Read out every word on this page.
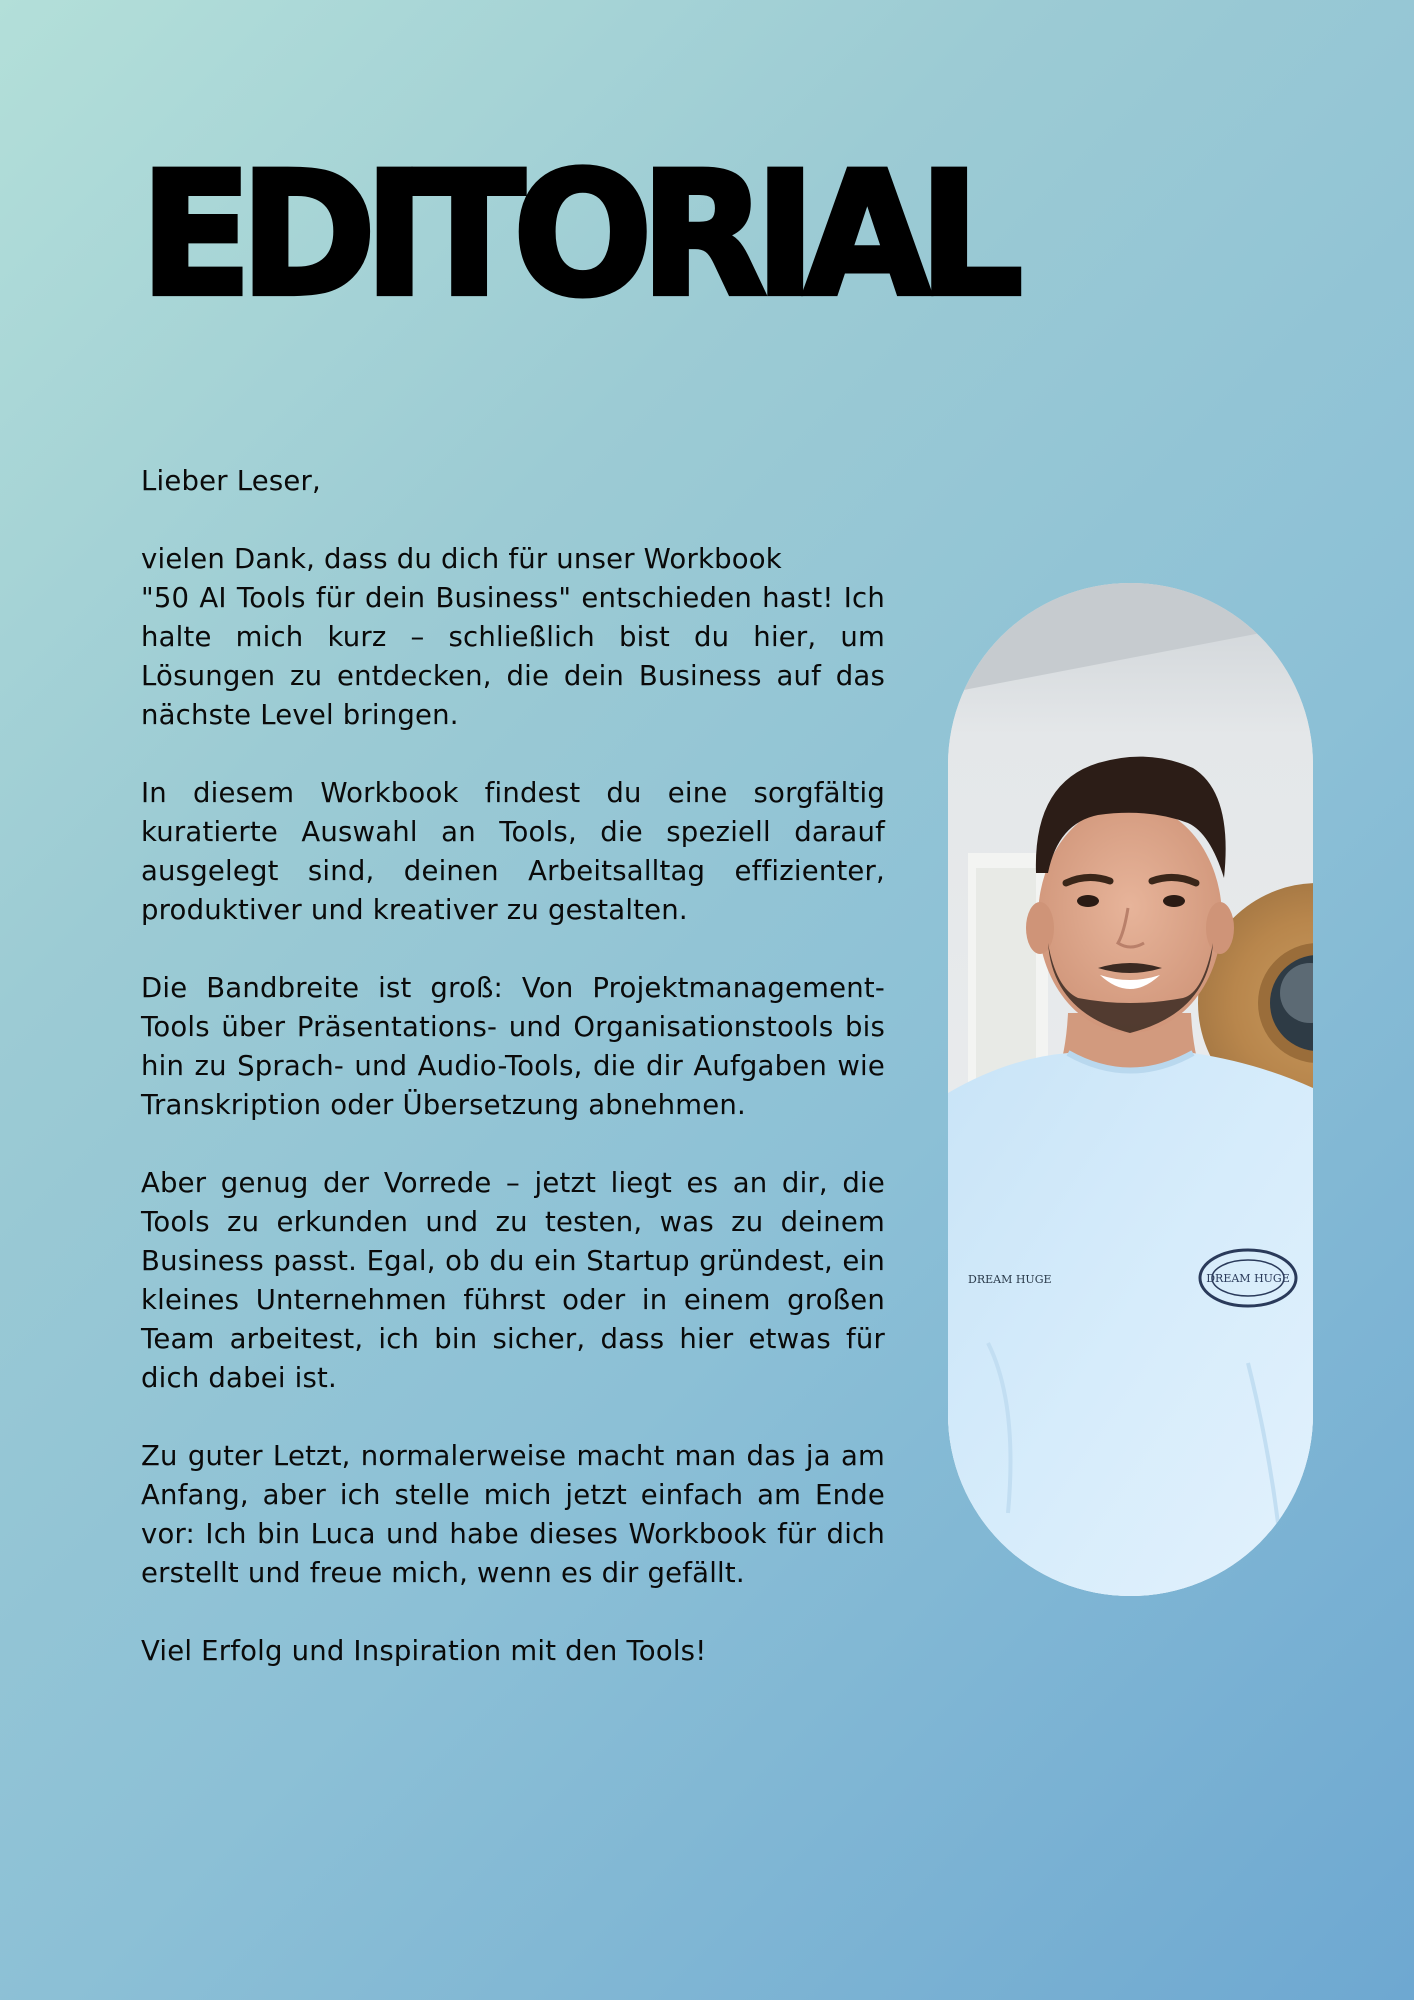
EDITORIAL

Lieber Leser,

vielen Dank, dass du dich für unser Workbook
"50 AI Tools für dein Business" entschieden hast! Ich halte mich kurz – schließlich bist du hier, um Lösungen zu entdecken, die dein Business auf das nächste Level bringen.

In diesem Workbook findest du eine sorgfältig kuratierte Auswahl an Tools, die speziell darauf ausgelegt sind, deinen Arbeitsalltag effizienter, produktiver und kreativer zu gestalten.

Die Bandbreite ist groß: Von Projektmanagement-Tools über Präsentations- und Organisationstools bis hin zu Sprach- und Audio-Tools, die dir Aufgaben wie Transkription oder Übersetzung abnehmen.

Aber genug der Vorrede – jetzt liegt es an dir, die Tools zu erkunden und zu testen, was zu deinem Business passt. Egal, ob du ein Startup gründest, ein kleines Unternehmen führst oder in einem großen Team arbeitest, ich bin sicher, dass hier etwas für dich dabei ist.

Zu guter Letzt, normalerweise macht man das ja am Anfang, aber ich stelle mich jetzt einfach am Ende vor: Ich bin Luca und habe dieses Workbook für dich erstellt und freue mich, wenn es dir gefällt.

Viel Erfolg und Inspiration mit den Tools!

DREAM HUGE	DREAM HUGE
